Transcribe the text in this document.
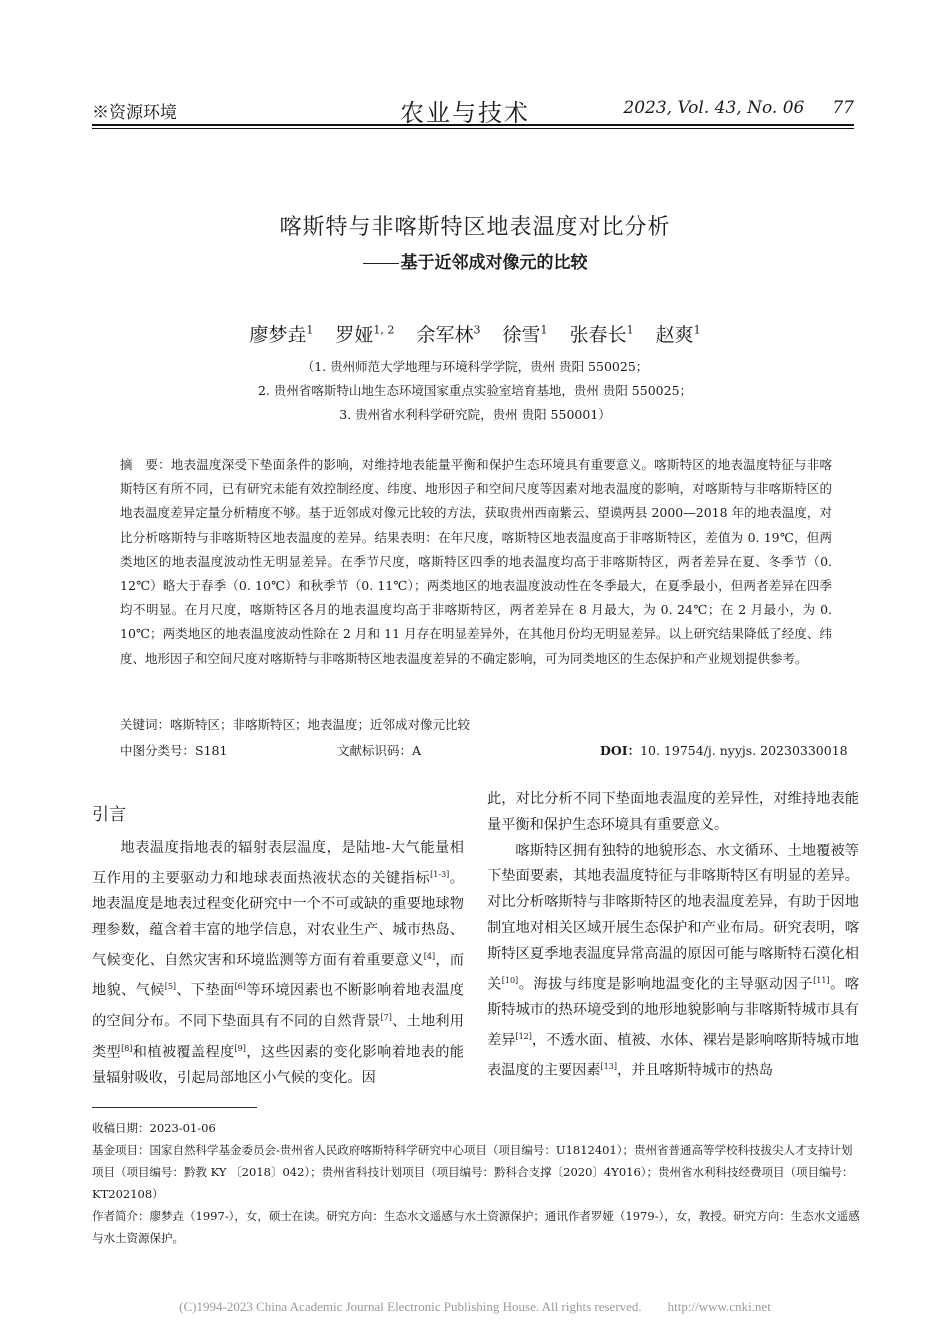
※资源环境	农业与技术	2023, Vol. 43, No. 06 77
喀斯特与非喀斯特区地表温度对比分析
基于近邻成对像元的比较
廖梦垚$^1$ 罗娅$^{1, 2}$ 余军林$^3$ 徐雪$^1$ 张春长$^1$ 赵爽$^1$
（1. 贵州师范大学地理与环境科学学院，贵州 贵阳 550025；
2. 贵州省喀斯特山地生态环境国家重点实验室培育基地，贵州 贵阳 550025；
3. 贵州省水利科学研究院，贵州 贵阳 550001）
摘　要：地表温度深受下垫面条件的影响，对维持地表能量平衡和保护生态环境具有重要意义。喀斯特区的地表温度特征与非喀斯特区有所不同，已有研究未能有效控制经度、纬度、地形因子和空间尺度等因素对地表温度的影响，对喀斯特与非喀斯特区的地表温度差异定量分析精度不够。基于近邻成对像元比较的方法，获取贵州西南紫云、望谟两县 2000—2018 年的地表温度，对比分析喀斯特与非喀斯特区地表温度的差异。结果表明：在年尺度，喀斯特区地表温度高于非喀斯特区，差值为 0. 19℃，但两类地区的地表温度波动性无明显差异。在季节尺度，喀斯特区四季的地表温度均高于非喀斯特区，两者差异在夏、冬季节（0. 12℃）略大于春季（0. 10℃）和秋季节（0. 11℃）；两类地区的地表温度波动性在冬季最大，在夏季最小，但两者差异在四季均不明显。在月尺度，喀斯特区各月的地表温度均高于非喀斯特区，两者差异在 8 月最大，为 0. 24℃；在 2 月最小，为 0. 10℃；两类地区的地表温度波动性除在 2 月和 11 月存在明显差异外，在其他月份均无明显差异。以上研究结果降低了经度、纬度、地形因子和空间尺度对喀斯特与非喀斯特区地表温度差异的不确定影响，可为同类地区的生态保护和产业规划提供参考。
关键词：喀斯特区；非喀斯特区；地表温度；近邻成对像元比较
中图分类号：S181	文献标识码：A	DOI：10. 19754/j. nyyjs. 20230330018
引言

地表温度指地表的辐射表层温度，是陆地-大气能量相互作用的主要驱动力和地球表面热液状态的关键指标[1-3]。地表温度是地表过程变化研究中一个不可或缺的重要地球物理参数，蕴含着丰富的地学信息，对农业生产、城市热岛、气候变化、自然灾害和环境监测等方面有着重要意义[4]，而地貌、气候[5]、下垫面[6]等环境因素也不断影响着地表温度的空间分布。不同下垫面具有不同的自然背景[7]、土地利用类型[8]和植被覆盖程度[9]，这些因素的变化影响着地表的能量辐射吸收，引起局部地区小气候的变化。因

此，对比分析不同下垫面地表温度的差异性，对维持地表能量平衡和保护生态环境具有重要意义。

喀斯特区拥有独特的地貌形态、水文循环、土地覆被等下垫面要素，其地表温度特征与非喀斯特区有明显的差异。对比分析喀斯特与非喀斯特区的地表温度差异，有助于因地制宜地对相关区域开展生态保护和产业布局。研究表明，喀斯特区夏季地表温度异常高温的原因可能与喀斯特石漠化相关[10]。海拔与纬度是影响地温变化的主导驱动因子[11]。喀斯特城市的热环境受到的地形地貌影响与非喀斯特城市具有差异[12]，不透水面、植被、水体、裸岩是影响喀斯特城市地表温度的主要因素[13]，并且喀斯特城市的热岛

收稿日期：2023-01-06
基金项目：国家自然科学基金委员会-贵州省人民政府喀斯特科学研究中心项目（项目编号：U1812401）；贵州省普通高等学校科技拔尖人才支持计划项目（项目编号：黔教 KY 〔2018〕042）；贵州省科技计划项目（项目编号：黔科合支撑〔2020〕4Y016）；贵州省水利科技经费项目（项目编号：KT202108）
作者简介：廖梦垚（1997-），女，硕士在读。研究方向：生态水文遥感与水土资源保护；通讯作者罗娅（1979-），女，教授。研究方向：生态水文遥感与水土资源保护。
(C)1994-2023 China Academic Journal Electronic Publishing House. All rights reserved.　　http://www.cnki.net
